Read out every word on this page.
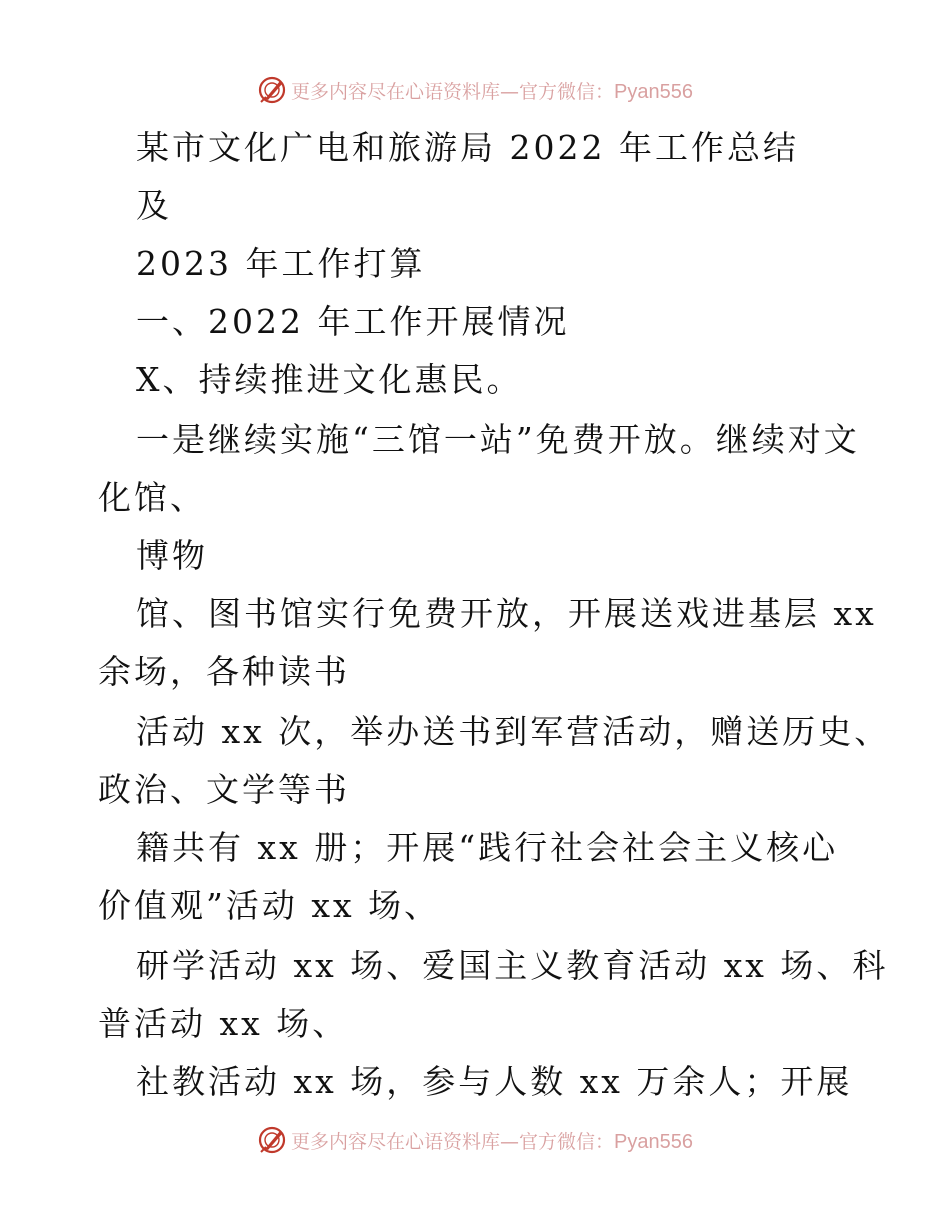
更多内容尽在心语资料库—官方微信：Pyan556
某市文化广电和旅游局 2022 年工作总结
及
2023 年工作打算
一、2022 年工作开展情况
X、持续推进文化惠民。
一是继续实施“三馆一站”免费开放。继续对文
化馆、
博物
馆、图书馆实行免费开放，开展送戏进基层 xx
余场，各种读书
活动 xx 次，举办送书到军营活动，赠送历史、
政治、文学等书
籍共有 xx 册；开展“践行社会社会主义核心
价值观”活动 xx 场、
研学活动 xx 场、爱国主义教育活动 xx 场、科
普活动 xx 场、
社教活动 xx 场，参与人数 xx 万余人；开展
更多内容尽在心语资料库—官方微信：Pyan556
